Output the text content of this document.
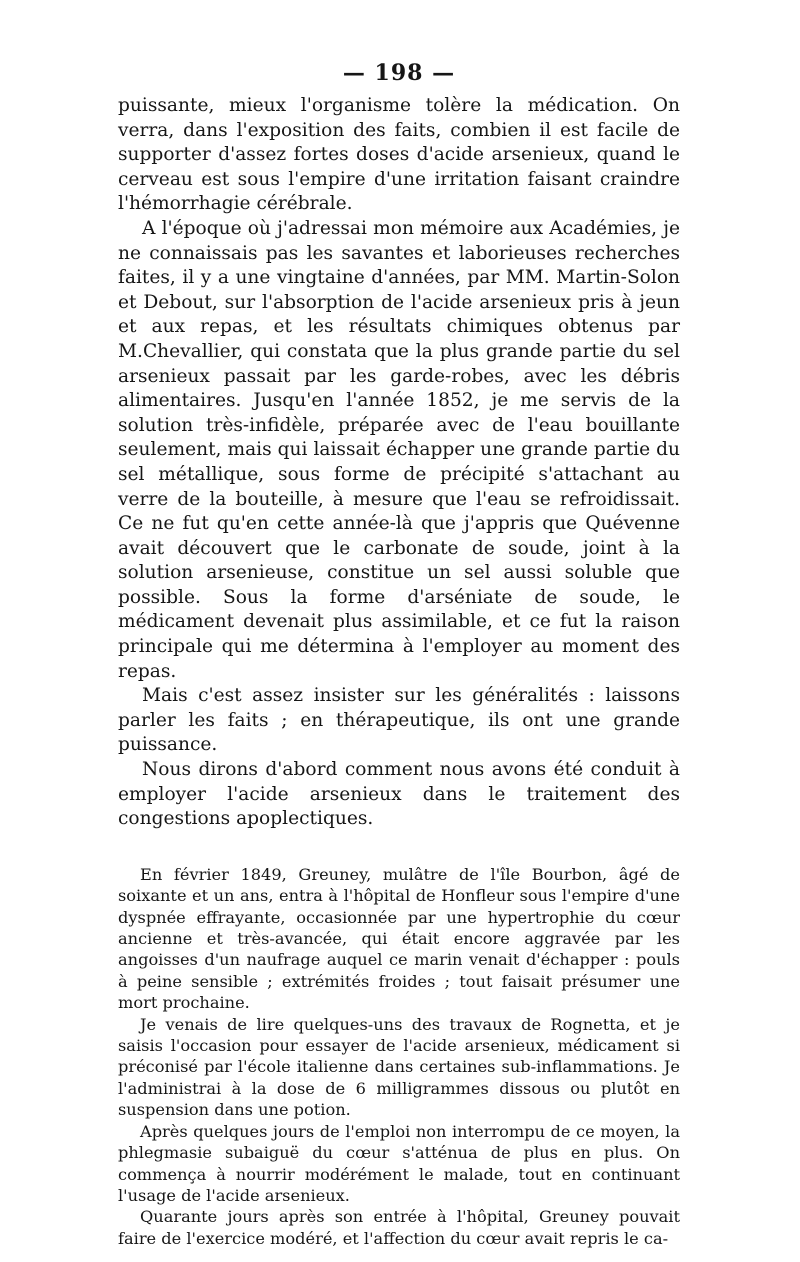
— 198 —

puissante, mieux l'organisme tolère la médication. On verra, dans l'exposition des faits, combien il est facile de supporter d'assez fortes doses d'acide arsenieux, quand le cerveau est sous l'empire d'une irritation faisant craindre l'hémorrhagie cérébrale.

A l'époque où j'adressai mon mémoire aux Académies, je ne connaissais pas les savantes et laborieuses recherches faites, il y a une vingtaine d'années, par MM. Martin-Solon et Debout, sur l'absorption de l'acide arsenieux pris à jeun et aux repas, et les résultats chimiques obtenus par M.Chevallier, qui constata que la plus grande partie du sel arsenieux passait par les garde-robes, avec les débris alimentaires. Jusqu'en l'année 1852, je me servis de la solution très-infidèle, préparée avec de l'eau bouillante seulement, mais qui laissait échapper une grande partie du sel métallique, sous forme de précipité s'attachant au verre de la bouteille, à mesure que l'eau se refroidissait. Ce ne fut qu'en cette année-là que j'appris que Quévenne avait découvert que le carbonate de soude, joint à la solution arsenieuse, constitue un sel aussi soluble que possible. Sous la forme d'arséniate de soude, le médicament devenait plus assimilable, et ce fut la raison principale qui me détermina à l'employer au moment des repas.

Mais c'est assez insister sur les généralités : laissons parler les faits ; en thérapeutique, ils ont une grande puissance.

Nous dirons d'abord comment nous avons été conduit à employer l'acide arsenieux dans le traitement des congestions apoplectiques.

En février 1849, Greuney, mulâtre de l'île Bourbon, âgé de soixante et un ans, entra à l'hôpital de Honfleur sous l'empire d'une dyspnée effrayante, occasionnée par une hypertrophie du cœur ancienne et très-avancée, qui était encore aggravée par les angoisses d'un naufrage auquel ce marin venait d'échapper : pouls à peine sensible ; extrémités froides ; tout faisait présumer une mort prochaine.

Je venais de lire quelques-uns des travaux de Rognetta, et je saisis l'occasion pour essayer de l'acide arsenieux, médicament si préconisé par l'école italienne dans certaines sub-inflammations. Je l'administrai à la dose de 6 milligrammes dissous ou plutôt en suspension dans une potion.

Après quelques jours de l'emploi non interrompu de ce moyen, la phlegmasie subaiguë du cœur s'atténua de plus en plus. On commença à nourrir modérément le malade, tout en continuant l'usage de l'acide arsenieux.

Quarante jours après son entrée à l'hôpital, Greuney pouvait faire de l'exercice modéré, et l'affection du cœur avait repris le ca-
